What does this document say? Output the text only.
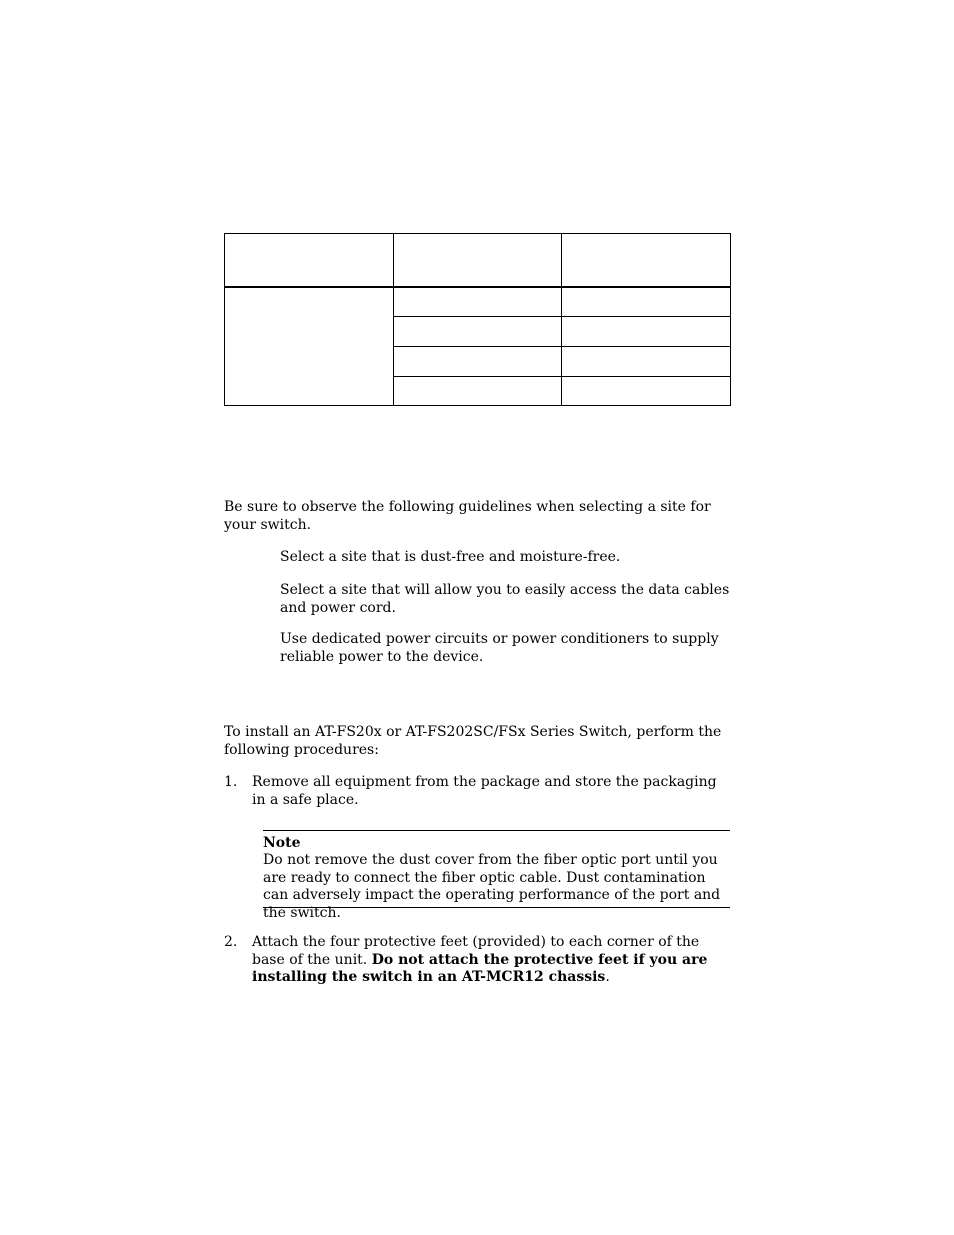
Be sure to observe the following guidelines when selecting a site for your switch.

Select a site that is dust-free and moisture-free.

Select a site that will allow you to easily access the data cables and power cord.

Use dedicated power circuits or power conditioners to supply reliable power to the device.

To install an AT-FS20x or AT-FS202SC/FSx Series Switch, perform the following procedures:

1. Remove all equipment from the package and store the packaging in a safe place.

Note

Do not remove the dust cover from the fiber optic port until you are ready to connect the fiber optic cable. Dust contamination can adversely impact the operating performance of the port and the switch.

2. Attach the four protective feet (provided) to each corner of the base of the unit. Do not attach the protective feet if you are installing the switch in an AT-MCR12 chassis.
